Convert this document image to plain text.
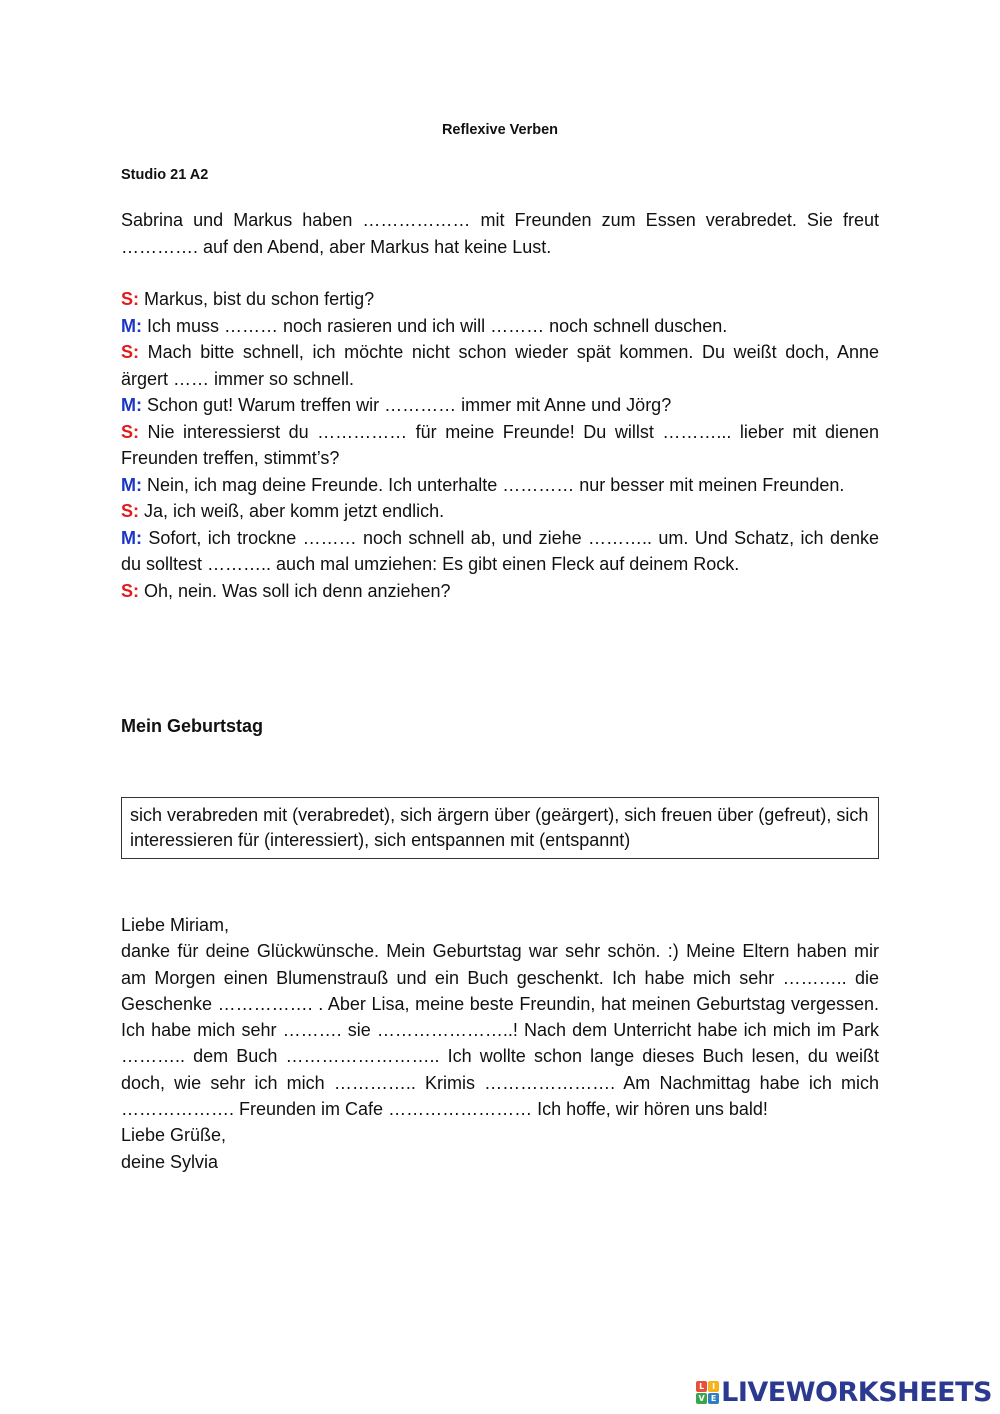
Reflexive Verben
Studio 21 A2

Sabrina und Markus haben ……………… mit Freunden zum Essen verabredet. Sie freut …………. auf den Abend, aber Markus hat keine Lust.

S: Markus, bist du schon fertig?

M: Ich muss ……… noch rasieren und ich will ……… noch schnell duschen.

S: Mach bitte schnell, ich möchte nicht schon wieder spät kommen. Du weißt doch, Anne ärgert …… immer so schnell.

M: Schon gut! Warum treffen wir ………… immer mit Anne und Jörg?

S: Nie interessierst du …………… für meine Freunde! Du willst ………... lieber mit dienen Freunden treffen, stimmt’s?

M: Nein, ich mag deine Freunde. Ich unterhalte ………… nur besser mit meinen Freunden.

S: Ja, ich weiß, aber komm jetzt endlich.

M: Sofort, ich trockne ……… noch schnell ab, und ziehe ……….. um. Und Schatz, ich denke du solltest ……….. auch mal umziehen: Es gibt einen Fleck auf deinem Rock.

S: Oh, nein. Was soll ich denn anziehen?

Mein Geburtstag
sich verabreden mit (verabredet), sich ärgern über (geärgert), sich freuen über (gefreut), sich interessieren für (interessiert), sich entspannen mit (entspannt)

Liebe Miriam,

danke für deine Glückwünsche. Mein Geburtstag war sehr schön. :) Meine Eltern haben mir am Morgen einen Blumenstrauß und ein Buch geschenkt. Ich habe mich sehr ……….. die Geschenke ……………. . Aber Lisa, meine beste Freundin, hat meinen Geburtstag vergessen. Ich habe mich sehr ………. sie …………………..! Nach dem Unterricht habe ich mich im Park ……….. dem Buch …………………….. Ich wollte schon lange dieses Buch lesen, du weißt doch, wie sehr ich mich ………….. Krimis …………………. Am Nachmittag habe ich mich ………………. Freunden im Cafe …………………… Ich hoffe, wir hören uns bald!

Liebe Grüße,

deine Sylvia

L I
V E LIVEWORKSHEETS
